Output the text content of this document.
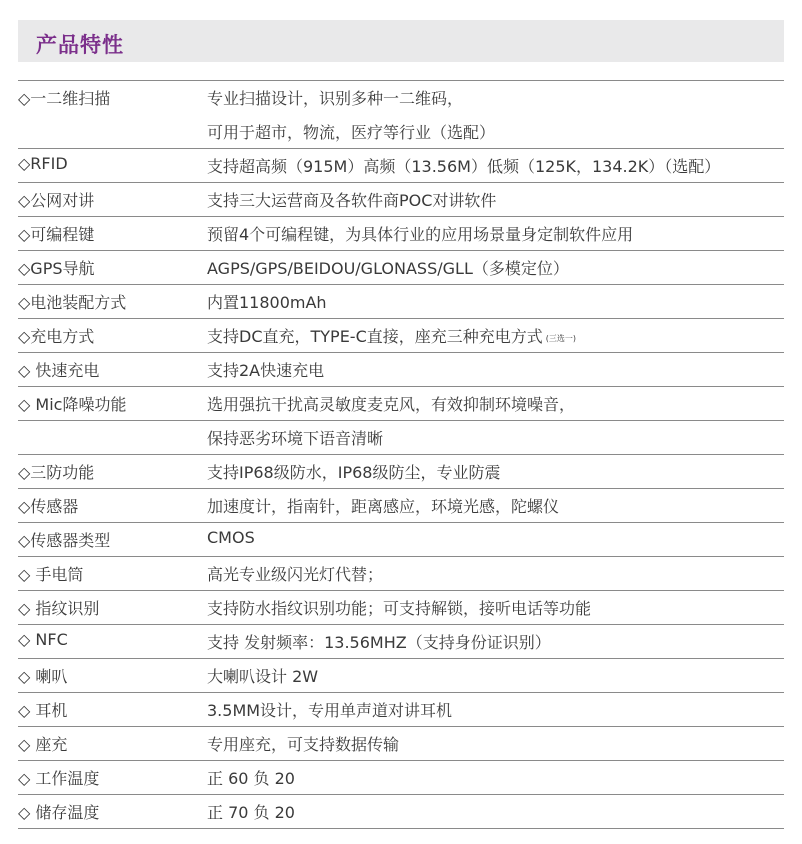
产品特性
◇一二维扫描	专业扫描设计，识别多种一二维码，
可用于超市，物流，医疗等行业（选配）
◇RFID	支持超高频（915M）高频（13.56M）低频（125K，134.2K）（选配）
◇公网对讲	支持三大运营商及各软件商POC对讲软件
◇可编程键	预留4个可编程键，为具体行业的应用场景量身定制软件应用
◇GPS导航	AGPS/GPS/BEIDOU/GLONASS/GLL（多模定位）
◇电池装配方式	内置11800mAh
◇充电方式	支持DC直充，TYPE-C直接，座充三种充电方式 (三选一)
◇ 快速充电	支持2A快速充电
◇ Mic降噪功能	选用强抗干扰高灵敏度麦克风，有效抑制环境噪音，
保持恶劣环境下语音清晰
◇三防功能	支持IP68级防水，IP68级防尘，专业防震
◇传感器	加速度计，指南针，距离感应，环境光感，陀螺仪
◇传感器类型	CMOS
◇ 手电筒	高光专业级闪光灯代替；
◇ 指纹识别	支持防水指纹识别功能；可支持解锁，接听电话等功能
◇ NFC	支持 发射频率：13.56MHZ（支持身份证识别）
◇ 喇叭	大喇叭设计 2W
◇ 耳机	3.5MM设计，专用单声道对讲耳机
◇ 座充	专用座充，可支持数据传输
◇ 工作温度	正 60 负 20
◇ 储存温度	正 70 负 20
